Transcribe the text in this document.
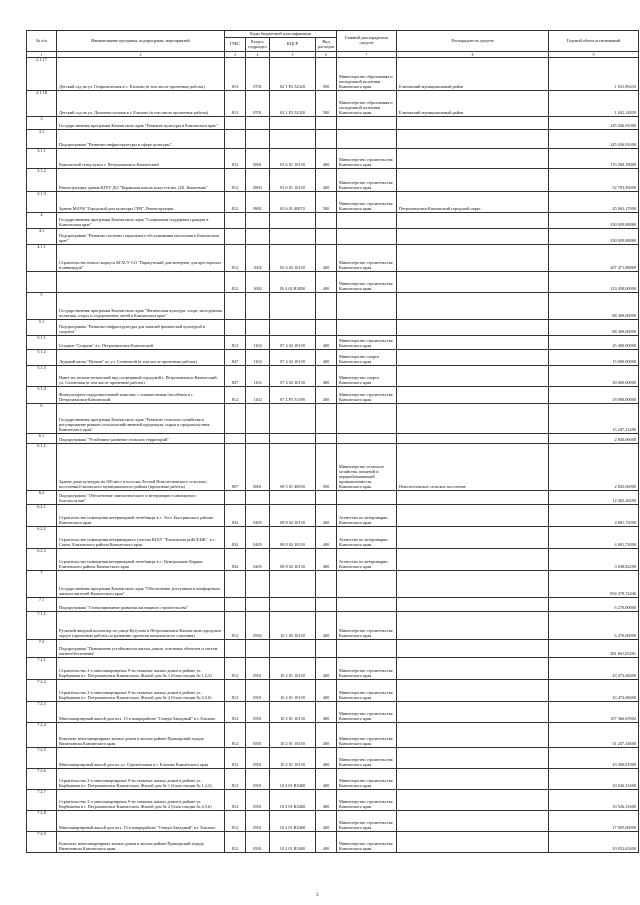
№ п/п	Наименование программ, подпрограмм, мероприятий	Коды бюджетной классификации				Главный распорядитель средств	Распорядитель средств	Годовой объем ассигнований
		ГРБС	Раздел, подраздел	КЦСР	Вид расходов			
1	2	3	4	5	6	7	8	9
2.1.17	Детский сад на ул. Геофизическая в с. Елизово (в том числе проектные работы)	813	0701	02 1 Р2 52320	500	Министерство образования и молодежной политики Камчатского края	Елизовский муниципальный район	1 031,90433
2.1.18	Детский сад на ул. Дальневосточная в г. Елизово (в том числе проектные работы)	813	0701	02 1 Р2 52320	500	Министерство образования и молодежной политики Камчатского края	Елизовский муниципальный район	1 041,14839
3	Государственная программа Камчатского края "Развитие культуры в Камчатском крае"							245 026,91000
3.1	Подпрограмма "Развитие инфраструктуры в сфере культуры"							245 026,91000
3.1.1	Камчатский театр кукол г. Петропавловск-Камчатский	812	0801	03 6 01 10130	400	Министерство строительства Камчатского края		170 260,18000
3.1.2	Реконструкция здания КГБУ ДО "Корякская школа искусств им. Д.Б. Кеккетына"	812	0803	03 6 01 10130	400	Министерство строительства Камчатского края		52 703,56000
3.1.3	Здание МАУК "Городской дом культуры СРВ", Реконструкция	812	0801	03 6 01 40070	500	Министерство строительства Камчатского края	Петропавловск-Камчатский городской округ	25 063,17000
4	Государственная программа Камчатского края "Социальная поддержка граждан в Камчатском крае"							330 929,88869
4.1	Подпрограмма "Развитие системы социального обслуживания населения в Камчатском крае"							330 929,88869
4.1.1	Строительство нового корпуса КГАСУ СО "Паратунский дом-интернат для престарелых и инвалидов"	812	1002	05 4 02 10130	400	Министерство строительства Камчатского края		207 471,88869
		812	1002	05 4 02 R3050	400	Министерство строительства Камчатского края		123 458,00000
5	Государственная программа Камчатского края "Физическая культура, спорт, молодежная политика, отдых и оздоровление детей в Камчатском крае"							88 400,00000
5.1	Подпрограмма "Развитие инфраструктуры для занятий физической культурой и спортом"							88 400,00000
5.1.1	Стадион "Спартак" в г. Петропавловск-Камчатский	812	1102	07 4 02 10130	400	Министерство строительства Камчатского края		25 400,00000
5.1.2	Ледовый каток "Вулкан" по ул. Солнечной (в том числе проектные работы)	847	1102	07 4 02 10130	400	Министерство спорта Камчатского края		15 000,00000
5.1.3	Навес на легкоатлетический вид спортивный городской г. Петропавловск-Камчатский, ул. Солнечная (в том числе проектные работы)	847	1102	07 4 02 10130	400	Министерство спорта Камчатского края		30 000,00000
5.1.4	Физкультурно-оздоровительный комплекс с плавательным бассейном в г. Петропавловск-Камчатский	812	1102	07 4 Р5 51390	400	Министерство строительства Камчатского края		18 000,00000
6	Государственная программа Камчатского края "Развитие сельского хозяйства и регулирование рынков сельскохозяйственной продукции, сырья и продовольствия Камчатского края"							15 247,23290
6.1	Подпрограмма "Устойчивое развитие сельских территорий"							2 845,06000
6.1.1	Здание дома культуры на 100 мест в поселке Лесной Новолесновского сельского поселения Елизовского муниципального района (проектные работы)	807	0801	08 5 01 40030	500	Министерство сельского хозяйства, пищевой и перерабатывающей промышленности Камчатского края	Новолесновское сельское поселение	2 845,06000
6.2	Подпрограмма "Обеспечение эпизоотического и ветеринарно-санитарного благополучия"							12 402,26290
6.2.1	Строительство помещения ветеринарной лечебницы в с. Эссо Быстринского района Камчатского края	832	0405	08 8 02 10130	400	Агентство по ветеринарии Камчатского края		4 681,72000
6.2.2	Строительство помещения ветеринарного участка КГБУ "Елизовская рпБСББЖ", в с. Сокоч, Елизовского района Камчатского края	832	0405	08 8 02 10130	400	Агентство по ветеринарии Камчатского края		4 681,72000
6.2.3	Строительство помещения ветеринарной лечебницы в с. Центральные Коряки Елизовского района Камчатского края	832	0405	08 8 02 10130	400	Агентство по ветеринарии Камчатского края		3 038,82290
7	Государственная программа Камчатского края "Обеспечение доступным и комфортным жильем жителей Камчатского края"							854 378,72446
7.1	Подпрограмма "Стимулирование развития жилищного строительства"							6 270,00000
7.1.1	Ручьевой вводной коллектор по улице Кутузова в Петропавловск-Камчатском городском округе (проектные работы по развитию проектов комплексного освоения)	812	0502	10 1 05 10130	400	Министерство строительства Камчатского края		6 270,00000
7.2	Подпрограмма "Повышение устойчивости жилых домов, основных объектов и систем жизнеобеспечения"							481 661,65201
7.2.1	Строительство 2-х многоквартирных 9-ти этажных жилых домов в районе ул. Карбышева в г. Петропавловск-Камчатском. Жилой дом № 1 (блок-секции № 1,2,3)	812	0501	10 2 01 10130	400	Министерство строительства Камчатского края		43 473,68400
7.2.2	Строительство 2-х многоквартирных 9-ти этажных жилых домов в районе ул. Карбышева в г. Петропавловск-Камчатском. Жилой дом № 2 (блок-секции № 4,5,6)	812	0501	10 2 01 10130	400	Министерство строительства Камчатского края		43 473,68400
7.2.3	Многоквартирный жилой дом поз. 15 в микрорайоне "Северо-Западный" в г. Елизово	812	0501	10 2 01 10130	400	Министерство строительства Камчатского края		107 366,65902
7.2.4	Комплекс многоквартирных жилых домов в жилом районе Приморский города Вилючинска Камчатского края	812	0501	10 2 01 10130	400	Министерство строительства Камчатского края		51 247,34600
7.2.5	Многоквартирный жилой дом по ул. Строительная в г. Елизово Камчатского края	812	0501	10 2 01 10130	400	Министерство строительства Камчатского края		23 390,81900
7.2.6	Строительство 2-х многоквартирных 9-ти этажных жилых домов в районе ул. Карбышева в г. Петропавловск-Камчатском. Жилой дом № 1 (блок-секции № 1,2,3)	812	0501	10 2 01 R5400	400	Министерство строительства Камчатского края		10 526,31600
7.2.7	Строительство 2-х многоквартирных 9-ти этажных жилых домов в районе ул. Карбышева в г. Петропавловск-Камчатском. Жилой дом № 2 (блок-секции № 4,5,6)	812	0501	10 2 01 R5400	400	Министерство строительства Камчатского края		10 526,31600
7.2.8	Многоквартирный жилой дом поз. 15 в микрорайоне "Северо-Западный" в г. Елизово	812	0501	10 2 01 R5400	400	Министерство строительства Камчатского края		17 005,00000
7.2.9	Комплекс многоквартирных жилых домов в жилом районе Приморский города Вилючинска Камчатского края	812	0501	10 2 01 R5400	400	Министерство строительства Камчатского края		10 052,65400
3
